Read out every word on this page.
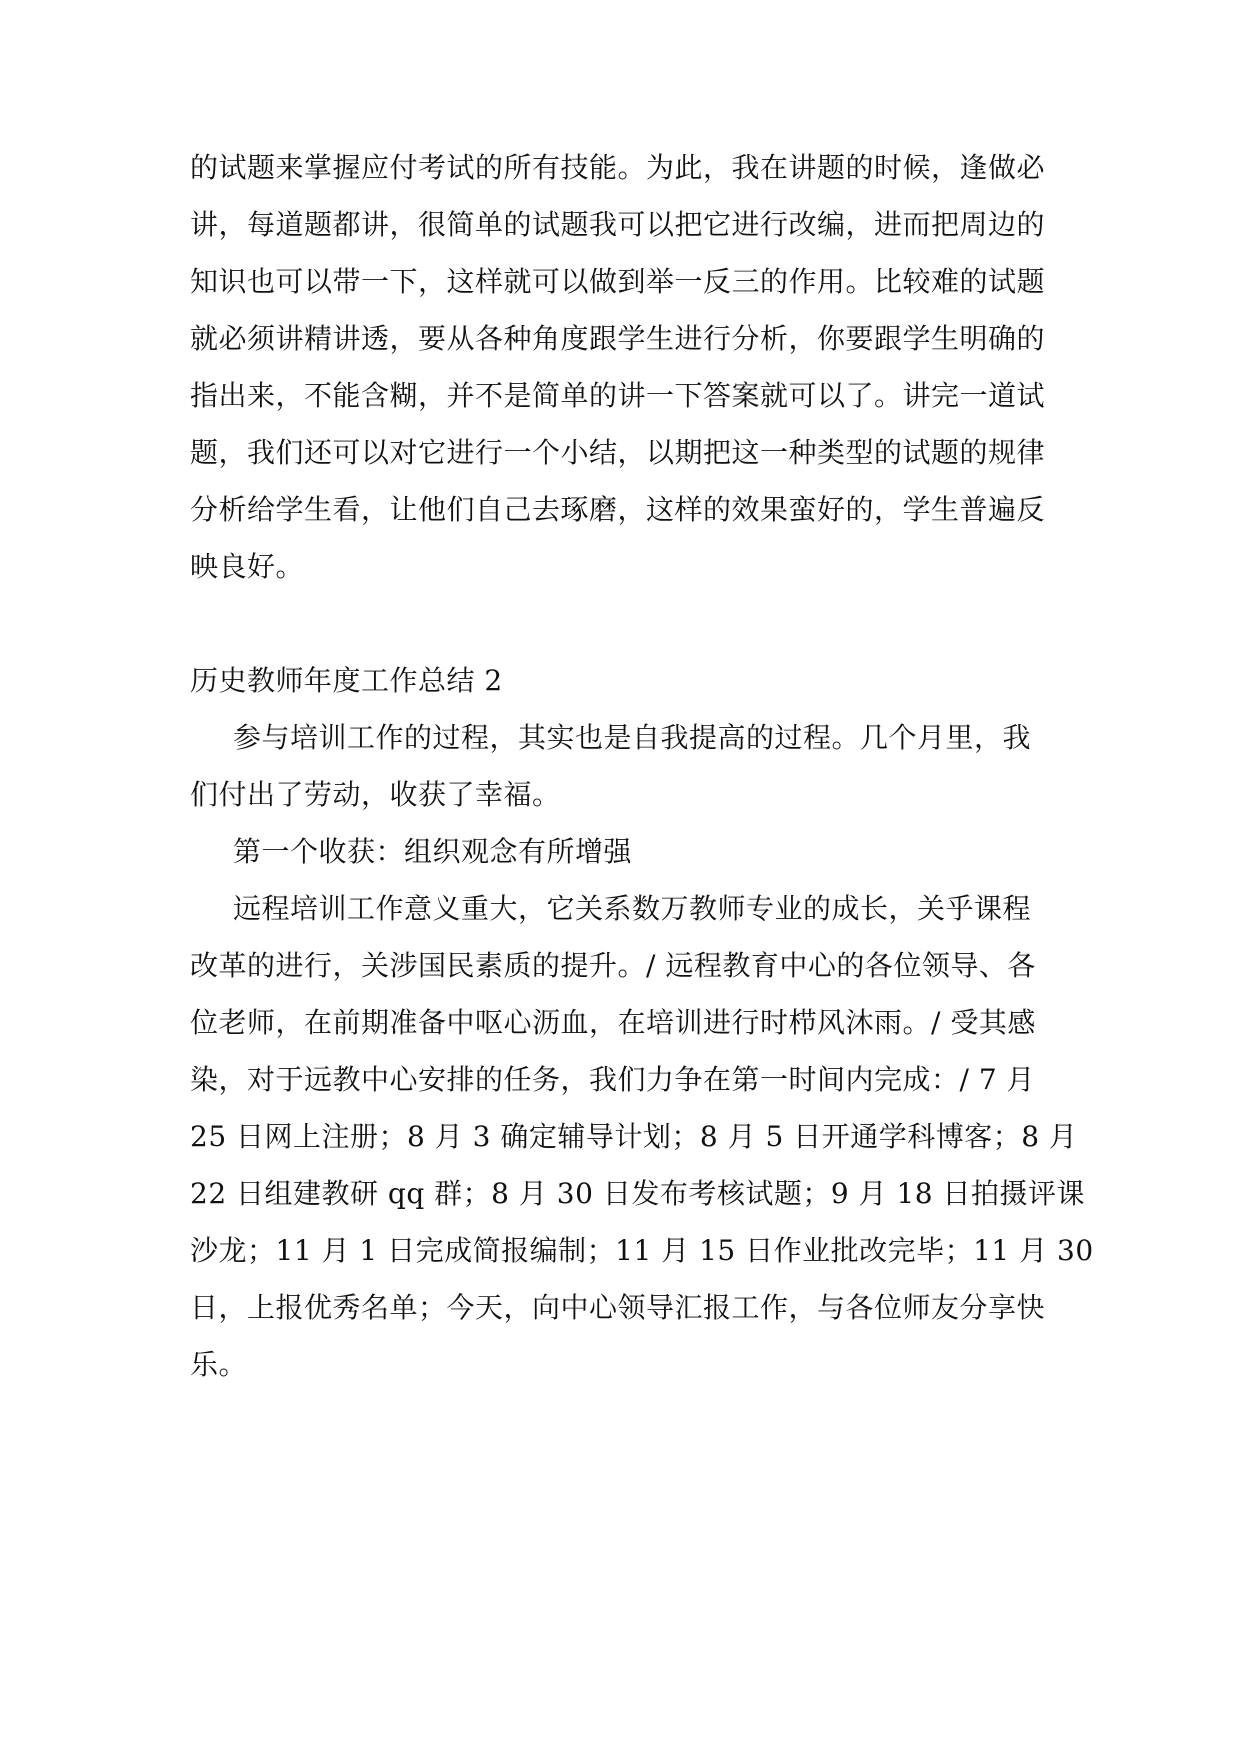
的试题来掌握应付考试的所有技能。为此，我在讲题的时候，逢做必
讲，每道题都讲，很简单的试题我可以把它进行改编，进而把周边的
知识也可以带一下，这样就可以做到举一反三的作用。比较难的试题
就必须讲精讲透，要从各种角度跟学生进行分析，你要跟学生明确的
指出来，不能含糊，并不是简单的讲一下答案就可以了。讲完一道试
题，我们还可以对它进行一个小结，以期把这一种类型的试题的规律
分析给学生看，让他们自己去琢磨，这样的效果蛮好的，学生普遍反
映良好。
历史教师年度工作总结 2
参与培训工作的过程，其实也是自我提高的过程。几个月里，我
们付出了劳动，收获了幸福。
第一个收获：组织观念有所增强
远程培训工作意义重大，它关系数万教师专业的成长，关乎课程
改革的进行，关涉国民素质的提升。/ 远程教育中心的各位领导、各
位老师，在前期准备中呕心沥血，在培训进行时栉风沐雨。/ 受其感
染，对于远教中心安排的任务，我们力争在第一时间内完成：/ 7 月
25 日网上注册；8 月 3 确定辅导计划；8 月 5 日开通学科博客；8 月
22 日组建教研 qq 群；8 月 30 日发布考核试题；9 月 18 日拍摄评课
沙龙；11 月 1 日完成简报编制；11 月 15 日作业批改完毕；11 月 30
日，上报优秀名单；今天，向中心领导汇报工作，与各位师友分享快
乐。
